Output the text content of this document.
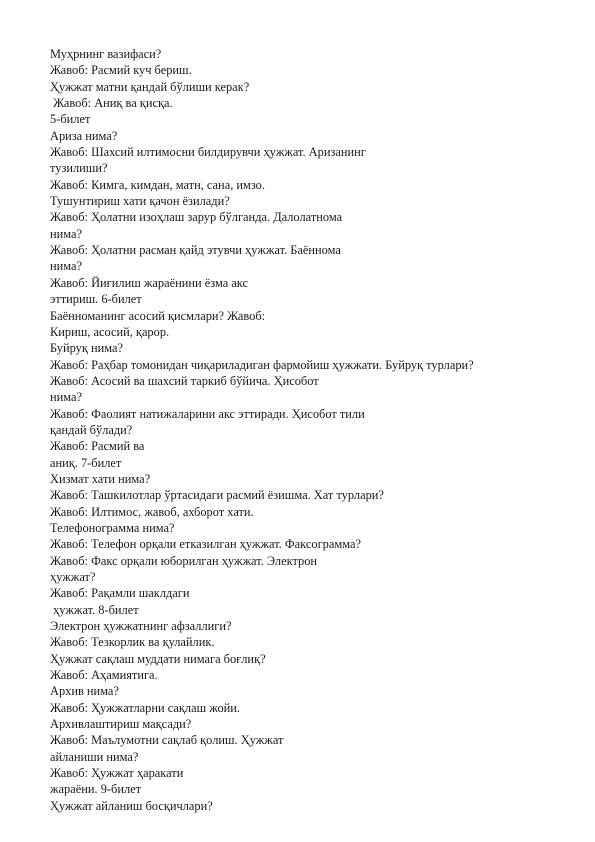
Муҳрнинг вазифаси?
Жавоб: Расмий куч бериш.
Ҳужжат матни қандай бўлиши керак?
Жавоб: Аниқ ва қисқа.
5-билет
Ариза нима?
Жавоб: Шахсий илтимосни билдирувчи ҳужжат. Аризанинг
тузилиши?
Жавоб: Кимга, кимдан, матн, сана, имзо.
Тушунтириш хати қачон ёзилади?
Жавоб: Ҳолатни изоҳлаш зарур бўлганда. Далолатнома
нима?
Жавоб: Ҳолатни расман қайд этувчи ҳужжат. Баённома
нима?
Жавоб: Йиғилиш жараёнини ёзма акс
эттириш. 6-билет
Баённоманинг асосий қисмлари? Жавоб:
Кириш, асосий, қарор.
Буйруқ нима?
Жавоб: Раҳбар томонидан чиқариладиган фармойиш ҳужжати. Буйруқ турлари?
Жавоб: Асосий ва шахсий таркиб бўйича. Ҳисобот
нима?
Жавоб: Фаолият натижаларини акс эттиради. Ҳисобот тили
қандай бўлади?
Жавоб: Расмий ва
аниқ. 7-билет
Хизмат хати нима?
Жавоб: Ташкилотлар ўртасидаги расмий ёзишма. Хат турлари?
Жавоб: Илтимос, жавоб, ахборот хати.
Телефонограмма нима?
Жавоб: Телефон орқали етказилган ҳужжат. Факсограмма?
Жавоб: Факс орқали юборилган ҳужжат. Электрон
ҳужжат?
Жавоб: Рақамли шаклдаги
ҳужжат. 8-билет
Электрон ҳужжатнинг афзаллиги?
Жавоб: Тезкорлик ва қулайлик.
Ҳужжат сақлаш муддати нимага боғлиқ?
Жавоб: Аҳамиятига.
Архив нима?
Жавоб: Ҳужжатларни сақлаш жойи.
Архивлаштириш мақсади?
Жавоб: Маълумотни сақлаб қолиш. Ҳужжат
айланиши нима?
Жавоб: Ҳужжат ҳаракати
жараёни. 9-билет
Ҳужжат айланиш босқичлари?
